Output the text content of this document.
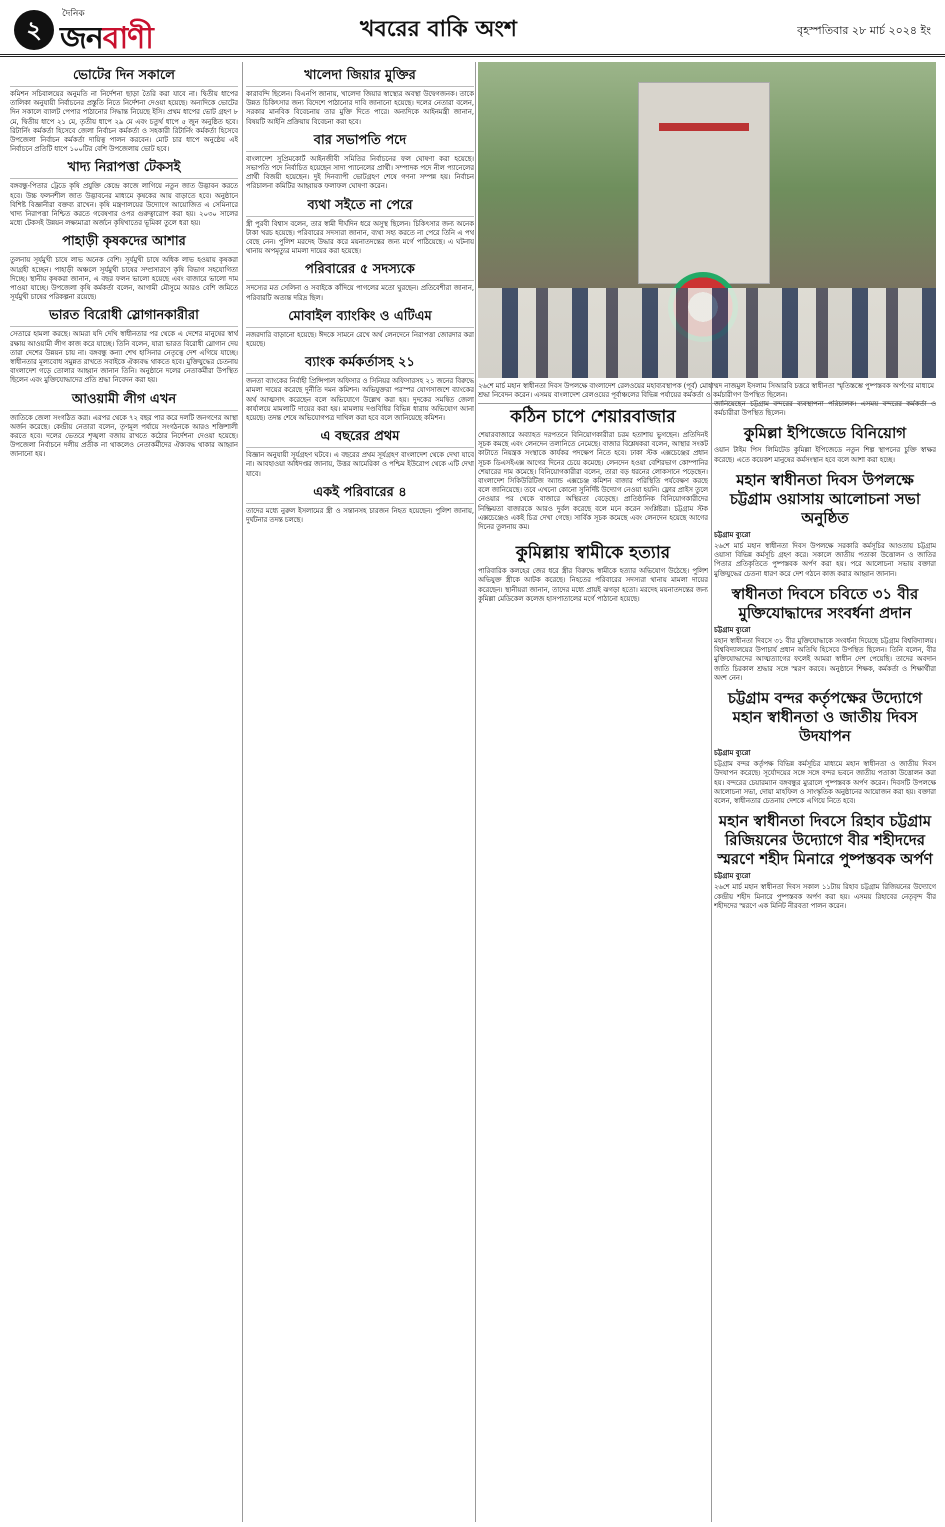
২
দৈনিক
জনবাণী	খবরের বাকি অংশ	বৃহস্পতিবার ২৮ মার্চ ২০২৪ ইং
ভোটের দিন সকালে

কমিশন সচিবালয়ের অনুমতি না নির্দেশনা ছাড়া তৈরি করা যাবে না। দ্বিতীয় ধাপের তালিকা অনুযায়ী নির্বাচনের প্রস্তুতি নিতে নির্দেশনা দেওয়া হয়েছে। অন্যদিকে ভোটের দিন সকালে ব্যালট পেপার পাঠানোর সিদ্ধান্ত নিয়েছে ইসি। প্রথম ধাপের ভোট গ্রহণ ৮ মে, দ্বিতীয় ধাপে ২১ মে, তৃতীয় ধাপে ২৯ মে এবং চতুর্থ ধাপে ৫ জুন অনুষ্ঠিত হবে। রিটার্নিং কর্মকর্তা হিসেবে জেলা নির্বাচন কর্মকর্তা ও সহকারী রিটার্নিং কর্মকর্তা হিসেবে উপজেলা নির্বাচন কর্মকর্তা দায়িত্ব পালন করবেন। মোট চার ধাপে অনুষ্ঠেয় এই নির্বাচনে প্রতিটি ধাপে ১০০টির বেশি উপজেলায় ভোট হবে।

খাদ্য নিরাপত্তা টেকসই

বঙ্গবন্ধু-পিতার ট্রেডে কৃষি প্রযুক্তি কেন্দ্রে কাজে লাগিয়ে নতুন জাত উদ্ভাবন করতে হবে। উচ্চ ফলনশীল জাত উদ্ভাবনের মাধ্যমে কৃষকের আয় বাড়াতে হবে। অনুষ্ঠানে বিশিষ্ট বিজ্ঞানীরা বক্তব্য রাখেন। কৃষি মন্ত্রণালয়ের উদ্যোগে আয়োজিত এ সেমিনারে খাদ্য নিরাপত্তা নিশ্চিত করতে গবেষণার ওপর গুরুত্বারোপ করা হয়। ২০৩০ সালের মধ্যে টেকসই উন্নয়ন লক্ষ্যমাত্রা অর্জনে কৃষিখাতের ভূমিকা তুলে ধরা হয়।

পাহাড়ী কৃষকদের আশার

তুলনায় সূর্যমুখী চাষে লাভ অনেক বেশি। সূর্যমুখী চাষে অধিক লাভ হওয়ায় কৃষকরা আগ্রহী হচ্ছেন। পাহাড়ী অঞ্চলে সূর্যমুখী চাষের সম্প্রসারণে কৃষি বিভাগ সহযোগিতা দিচ্ছে। স্থানীয় কৃষকরা জানান, এ বছর ফলন ভালো হয়েছে এবং বাজারে ভালো দাম পাওয়া যাচ্ছে। উপজেলা কৃষি কর্মকর্তা বলেন, আগামী মৌসুমে আরও বেশি জমিতে সূর্যমুখী চাষের পরিকল্পনা রয়েছে।

ভারত বিরোধী স্লোগানকারীরা

সেতারে হামলা করছে। আমরা যদি দেখি স্বাধীনতার পর থেকে এ দেশের মানুষের স্বার্থ রক্ষায় আওয়ামী লীগ কাজ করে যাচ্ছে। তিনি বলেন, যারা ভারত বিরোধী স্লোগান দেয় তারা দেশের উন্নয়ন চায় না। বঙ্গবন্ধু কন্যা শেখ হাসিনার নেতৃত্বে দেশ এগিয়ে যাচ্ছে। স্বাধীনতার মূল্যবোধ সমুন্নত রাখতে সবাইকে ঐক্যবদ্ধ থাকতে হবে। মুক্তিযুদ্ধের চেতনায় বাংলাদেশ গড়ে তোলার আহ্বান জানান তিনি। অনুষ্ঠানে দলের নেতাকর্মীরা উপস্থিত ছিলেন এবং মুক্তিযোদ্ধাদের প্রতি শ্রদ্ধা নিবেদন করা হয়।

আওয়ামী লীগ এখন

জাতিকে জেলা সংগঠিত করা। এরপর থেকে ৭২ বছর পার করে দলটি জনগণের আস্থা অর্জন করেছে। কেন্দ্রীয় নেতারা বলেন, তৃণমূল পর্যায়ে সংগঠনকে আরও শক্তিশালী করতে হবে। দলের ভেতরে শৃঙ্খলা বজায় রাখতে কঠোর নির্দেশনা দেওয়া হয়েছে। উপজেলা নির্বাচনে দলীয় প্রতীক না থাকলেও নেতাকর্মীদের ঐক্যবদ্ধ থাকার আহ্বান জানানো হয়।

খালেদা জিয়ার মুক্তির

কারাবন্দি ছিলেন। বিএনপি জানায়, খালেদা জিয়ার স্বাস্থ্যের অবস্থা উদ্বেগজনক। তাকে উন্নত চিকিৎসার জন্য বিদেশে পাঠানোর দাবি জানানো হয়েছে। দলের নেতারা বলেন, সরকার মানবিক বিবেচনায় তার মুক্তি দিতে পারে। অন্যদিকে আইনমন্ত্রী জানান, বিষয়টি আইনি প্রক্রিয়ায় বিবেচনা করা হবে।

বার সভাপতি পদে

বাংলাদেশ সুপ্রিমকোর্ট আইনজীবী সমিতির নির্বাচনের ফল ঘোষণা করা হয়েছে। সভাপতি পদে নির্বাচিত হয়েছেন সাদা প্যানেলের প্রার্থী। সম্পাদক পদে নীল প্যানেলের প্রার্থী বিজয়ী হয়েছেন। দুই দিনব্যাপী ভোটগ্রহণ শেষে গণনা সম্পন্ন হয়। নির্বাচন পরিচালনা কমিটির আহ্বায়ক ফলাফল ঘোষণা করেন।

ব্যথা সইতে না পেরে

স্ত্রী পুরবী বিশ্বাস বলেন, তার স্বামী দীর্ঘদিন ধরে অসুস্থ ছিলেন। চিকিৎসার জন্য অনেক টাকা খরচ হয়েছে। পরিবারের সদস্যরা জানান, ব্যথা সহ্য করতে না পেরে তিনি এ পথ বেছে নেন। পুলিশ মরদেহ উদ্ধার করে ময়নাতদন্তের জন্য মর্গে পাঠিয়েছে। এ ঘটনায় থানায় অপমৃত্যুর মামলা দায়ের করা হয়েছে।

পরিবারের ৫ সদস্যকে

সদস্যের মত সেলিনা ও সবাইকে কাঁদিয়ে পাগলের মতো ঘুরছেন। প্রতিবেশীরা জানান, পরিবারটি অত্যন্ত দরিদ্র ছিল।

মোবাইল ব্যাংকিং ও এটিএম

নজরদারি বাড়ানো হয়েছে। ঈদকে সামনে রেখে অর্থ লেনদেনে নিরাপত্তা জোরদার করা হয়েছে।

ব্যাংক কর্মকর্তাসহ ২১

জনতা ব্যাংকের নির্বাহী প্রিন্সিপাল অফিসার ও সিনিয়র অফিসারসহ ২১ জনের বিরুদ্ধে মামলা দায়ের করেছে দুর্নীতি দমন কমিশন। অভিযুক্তরা পরস্পর যোগসাজশে ব্যাংকের অর্থ আত্মসাৎ করেছেন বলে অভিযোগে উল্লেখ করা হয়। দুদকের সমন্বিত জেলা কার্যালয়ে মামলাটি দায়ের করা হয়। মামলায় দণ্ডবিধির বিভিন্ন ধারায় অভিযোগ আনা হয়েছে। তদন্ত শেষে অভিযোগপত্র দাখিল করা হবে বলে জানিয়েছে কমিশন।

এ বছরের প্রথম

বিজ্ঞান অনুযায়ী সূর্যগ্রহণ ঘটবে। এ বছরের প্রথম সূর্যগ্রহণ বাংলাদেশ থেকে দেখা যাবে না। আবহাওয়া অধিদপ্তর জানায়, উত্তর আমেরিকা ও পশ্চিম ইউরোপ থেকে এটি দেখা যাবে।

একই পরিবারের ৪

তাদের মধ্যে নুরুল ইসলামের স্ত্রী ও সন্তানসহ চারজন নিহত হয়েছেন। পুলিশ জানায়, দুর্ঘটনার তদন্ত চলছে।

২৬শে মার্চ মহান স্বাধীনতা দিবস উপলক্ষে বাংলাদেশ রেলওয়ের মহাব্যবস্থাপক (পূর্ব) মোহাম্মদ নাজমুল ইসলাম সিআরবি চত্তরে স্বাধীনতা স্মৃতিস্তম্ভে পুষ্পস্তবক অর্পণের মাধ্যমে শ্রদ্ধা নিবেদন করেন। এসময় বাংলাদেশ রেলওয়ের পূর্বাঞ্চলের বিভিন্ন পর্যায়ের কর্মকর্তা ও কর্মচারীগণ উপস্থিত ছিলেন।
কঠিন চাপে শেয়ারবাজার

শেয়ারবাজারে অব্যাহত দরপতনে বিনিয়োগকারীরা চরম হতাশায় ভুগছেন। প্রতিদিনই সূচক কমছে এবং লেনদেন তলানিতে নেমেছে। বাজার বিশ্লেষকরা বলেন, আস্থার সংকট কাটাতে নিয়ন্ত্রক সংস্থাকে কার্যকর পদক্ষেপ নিতে হবে। ঢাকা স্টক এক্সচেঞ্জের প্রধান সূচক ডিএসইএক্স আগের দিনের চেয়ে কমেছে। লেনদেন হওয়া বেশিরভাগ কোম্পানির শেয়ারের দাম কমেছে। বিনিয়োগকারীরা বলেন, তারা বড় ধরনের লোকসানে পড়েছেন। বাংলাদেশ সিকিউরিটিজ অ্যান্ড এক্সচেঞ্জ কমিশন বাজার পরিস্থিতি পর্যবেক্ষণ করছে বলে জানিয়েছে। তবে এখনো কোনো সুনির্দিষ্ট উদ্যোগ নেওয়া হয়নি। ফ্লোর প্রাইস তুলে নেওয়ার পর থেকে বাজারে অস্থিরতা বেড়েছে। প্রাতিষ্ঠানিক বিনিয়োগকারীদের নিষ্ক্রিয়তা বাজারকে আরও দুর্বল করেছে বলে মনে করেন সংশ্লিষ্টরা। চট্টগ্রাম স্টক এক্সচেঞ্জেও একই চিত্র দেখা গেছে। সার্বিক সূচক কমেছে এবং লেনদেন হয়েছে আগের দিনের তুলনায় কম।

কুমিল্লায় স্বামীকে হত্যার

পারিবারিক কলহের জের ধরে স্ত্রীর বিরুদ্ধে স্বামীকে হত্যার অভিযোগ উঠেছে। পুলিশ অভিযুক্ত স্ত্রীকে আটক করেছে। নিহতের পরিবারের সদস্যরা থানায় মামলা দায়ের করেছেন। স্থানীয়রা জানান, তাদের মধ্যে প্রায়ই ঝগড়া হতো। মরদেহ ময়নাতদন্তের জন্য কুমিল্লা মেডিকেল কলেজ হাসপাতালের মর্গে পাঠানো হয়েছে।

জানিয়েছেন চট্টগ্রাম বন্দরের ব্যবস্থাপনা পরিচালক। এসময় বন্দরের কর্মকর্তা ও কর্মচারীরা উপস্থিত ছিলেন।

কুমিল্লা ইপিজেডে বিনিয়োগ

ওয়ান টাইম পিস লিমিটেড কুমিল্লা ইপিজেডে নতুন শিল্প স্থাপনের চুক্তি স্বাক্ষর করেছে। এতে কয়েকশ মানুষের কর্মসংস্থান হবে বলে আশা করা হচ্ছে।

মহান স্বাধীনতা দিবস উপলক্ষে চট্টগ্রাম ওয়াসায় আলোচনা সভা অনুষ্ঠিত
চট্টগ্রাম ব্যুরো

২৬শে মার্চ মহান স্বাধীনতা দিবস উপলক্ষে সরকারি কর্মসূচির আওতায় চট্টগ্রাম ওয়াসা বিভিন্ন কর্মসূচি গ্রহণ করে। সকালে জাতীয় পতাকা উত্তোলন ও জাতির পিতার প্রতিকৃতিতে পুষ্পস্তবক অর্পণ করা হয়। পরে আলোচনা সভায় বক্তারা মুক্তিযুদ্ধের চেতনা ধারণ করে দেশ গঠনে কাজ করার আহ্বান জানান।

স্বাধীনতা দিবসে চবিতে ৩১ বীর মুক্তিযোদ্ধাদের সংবর্ধনা প্রদান
চট্টগ্রাম ব্যুরো

মহান স্বাধীনতা দিবসে ৩১ বীর মুক্তিযোদ্ধাকে সংবর্ধনা দিয়েছে চট্টগ্রাম বিশ্ববিদ্যালয়। বিশ্ববিদ্যালয়ের উপাচার্য প্রধান অতিথি হিসেবে উপস্থিত ছিলেন। তিনি বলেন, বীর মুক্তিযোদ্ধাদের আত্মত্যাগের ফলেই আমরা স্বাধীন দেশ পেয়েছি। তাদের অবদান জাতি চিরকাল শ্রদ্ধার সঙ্গে স্মরণ করবে। অনুষ্ঠানে শিক্ষক, কর্মকর্তা ও শিক্ষার্থীরা অংশ নেন।

চট্টগ্রাম বন্দর কর্তৃপক্ষের উদ্যোগে মহান স্বাধীনতা ও জাতীয় দিবস উদযাপন
চট্টগ্রাম ব্যুরো

চট্টগ্রাম বন্দর কর্তৃপক্ষ বিভিন্ন কর্মসূচির মাধ্যমে মহান স্বাধীনতা ও জাতীয় দিবস উদযাপন করেছে। সূর্যোদয়ের সঙ্গে সঙ্গে বন্দর ভবনে জাতীয় পতাকা উত্তোলন করা হয়। বন্দরের চেয়ারম্যান বঙ্গবন্ধুর ম্যুরালে পুষ্পস্তবক অর্পণ করেন। দিবসটি উপলক্ষে আলোচনা সভা, দোয়া মাহফিল ও সাংস্কৃতিক অনুষ্ঠানের আয়োজন করা হয়। বক্তারা বলেন, স্বাধীনতার চেতনায় দেশকে এগিয়ে নিতে হবে।

মহান স্বাধীনতা দিবসে রিহাব চট্টগ্রাম রিজিয়নের উদ্যোগে বীর শহীদদের স্মরণে শহীদ মিনারে পুষ্পস্তবক অর্পণ
চট্টগ্রাম ব্যুরো

২৬শে মার্চ মহান স্বাধীনতা দিবস সকাল ১১টায় রিহাব চট্টগ্রাম রিজিয়নের উদ্যোগে কেন্দ্রীয় শহীদ মিনারে পুষ্পস্তবক অর্পণ করা হয়। এসময় রিহাবের নেতৃবৃন্দ বীর শহীদদের স্মরণে এক মিনিট নীরবতা পালন করেন।
